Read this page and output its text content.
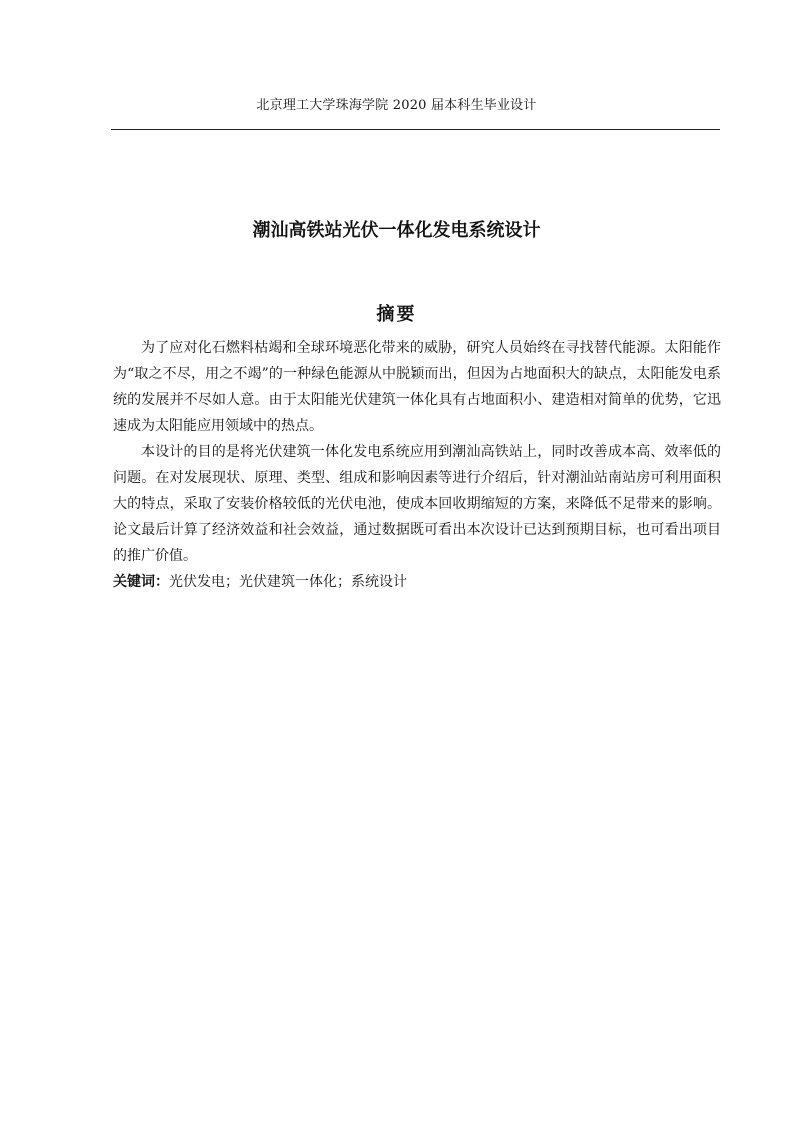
北京理工大学珠海学院 2020 届本科生毕业设计
潮汕高铁站光伏一体化发电系统设计
摘要

为了应对化石燃料枯竭和全球环境恶化带来的威胁，研究人员始终在寻找替代能源。太阳能作为“取之不尽，用之不竭”的一种绿色能源从中脱颖而出，但因为占地面积大的缺点，太阳能发电系统的发展并不尽如人意。由于太阳能光伏建筑一体化具有占地面积小、建造相对简单的优势，它迅速成为太阳能应用领域中的热点。

本设计的目的是将光伏建筑一体化发电系统应用到潮汕高铁站上，同时改善成本高、效率低的问题。在对发展现状、原理、类型、组成和影响因素等进行介绍后，针对潮汕站南站房可利用面积大的特点，采取了安装价格较低的光伏电池，使成本回收期缩短的方案，来降低不足带来的影响。论文最后计算了经济效益和社会效益，通过数据既可看出本次设计已达到预期目标，也可看出项目的推广价值。

关键词：光伏发电；光伏建筑一体化；系统设计
